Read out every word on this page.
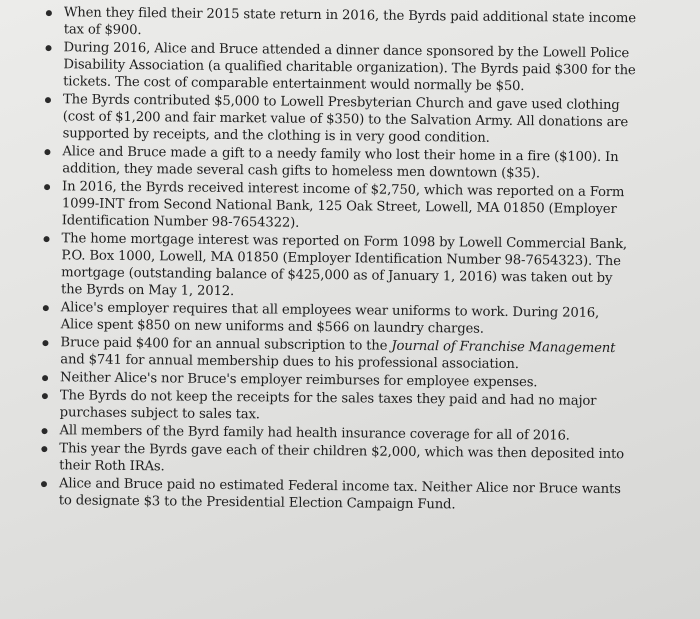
When they filed their 2015 state return in 2016, the Byrds paid additional state income tax of $900.
During 2016, Alice and Bruce attended a dinner dance sponsored by the Lowell Police Disability Association (a qualified charitable organization). The Byrds paid $300 for the tickets. The cost of comparable entertainment would normally be $50.
The Byrds contributed $5,000 to Lowell Presbyterian Church and gave used clothing (cost of $1,200 and fair market value of $350) to the Salvation Army. All donations are supported by receipts, and the clothing is in very good condition.
Alice and Bruce made a gift to a needy family who lost their home in a fire ($100). In addition, they made several cash gifts to homeless men downtown ($35).
In 2016, the Byrds received interest income of $2,750, which was reported on a Form 1099-INT from Second National Bank, 125 Oak Street, Lowell, MA 01850 (Employer Identification Number 98-7654322).
The home mortgage interest was reported on Form 1098 by Lowell Commercial Bank, P.O. Box 1000, Lowell, MA 01850 (Employer Identification Number 98-7654323). The mortgage (outstanding balance of $425,000 as of January 1, 2016) was taken out by the Byrds on May 1, 2012.
Alice's employer requires that all employees wear uniforms to work. During 2016, Alice spent $850 on new uniforms and $566 on laundry charges.
Bruce paid $400 for an annual subscription to the Journal of Franchise Management and $741 for annual membership dues to his professional association.
Neither Alice's nor Bruce's employer reimburses for employee expenses.
The Byrds do not keep the receipts for the sales taxes they paid and had no major purchases subject to sales tax.
All members of the Byrd family had health insurance coverage for all of 2016.
This year the Byrds gave each of their children $2,000, which was then deposited into their Roth IRAs.
Alice and Bruce paid no estimated Federal income tax. Neither Alice nor Bruce wants to designate $3 to the Presidential Election Campaign Fund.
